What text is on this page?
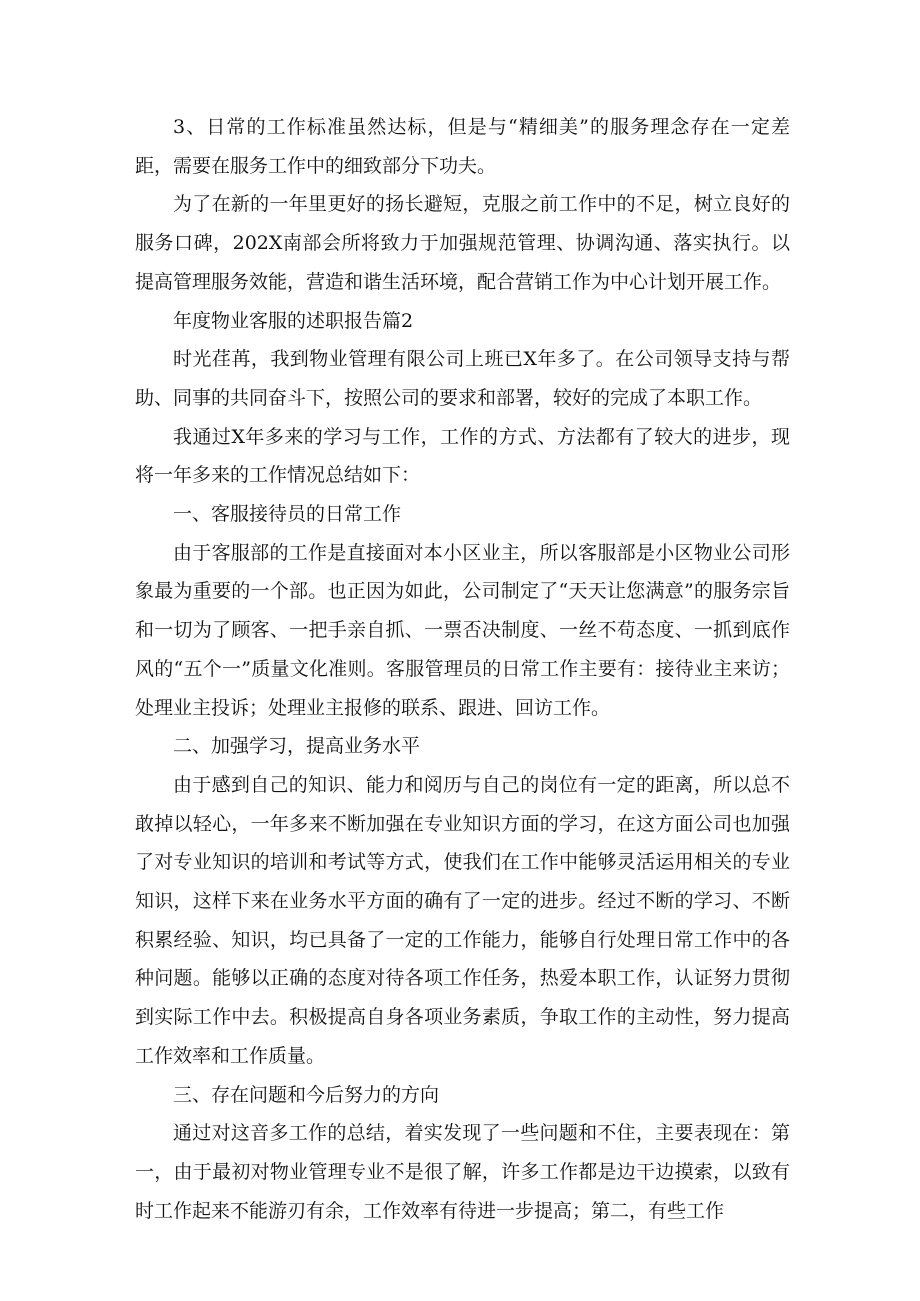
3、日常的工作标准虽然达标，但是与“精细美”的服务理念存在一定差距，需要在服务工作中的细致部分下功夫。

为了在新的一年里更好的扬长避短，克服之前工作中的不足，树立良好的服务口碑，202X南部会所将致力于加强规范管理、协调沟通、落实执行。以提高管理服务效能，营造和谐生活环境，配合营销工作为中心计划开展工作。

年度物业客服的述职报告篇2

时光荏苒，我到物业管理有限公司上班已X年多了。在公司领导支持与帮助、同事的共同奋斗下，按照公司的要求和部署，较好的完成了本职工作。

我通过X年多来的学习与工作，工作的方式、方法都有了较大的进步，现将一年多来的工作情况总结如下：

一、客服接待员的日常工作

由于客服部的工作是直接面对本小区业主，所以客服部是小区物业公司形象最为重要的一个部。也正因为如此，公司制定了“天天让您满意”的服务宗旨和一切为了顾客、一把手亲自抓、一票否决制度、一丝不苟态度、一抓到底作风的“五个一”质量文化准则。客服管理员的日常工作主要有：接待业主来访；处理业主投诉；处理业主报修的联系、跟进、回访工作。

二、加强学习，提高业务水平

由于感到自己的知识、能力和阅历与自己的岗位有一定的距离，所以总不敢掉以轻心，一年多来不断加强在专业知识方面的学习，在这方面公司也加强了对专业知识的培训和考试等方式，使我们在工作中能够灵活运用相关的专业知识，这样下来在业务水平方面的确有了一定的进步。经过不断的学习、不断积累经验、知识，均已具备了一定的工作能力，能够自行处理日常工作中的各种问题。能够以正确的态度对待各项工作任务，热爱本职工作，认证努力贯彻到实际工作中去。积极提高自身各项业务素质，争取工作的主动性，努力提高工作效率和工作质量。

三、存在问题和今后努力的方向

通过对这音多工作的总结，着实发现了一些问题和不住，主要表现在：第一，由于最初对物业管理专业不是很了解，许多工作都是边干边摸索，以致有时工作起来不能游刃有余，工作效率有待进一步提高；第二，有些工作
